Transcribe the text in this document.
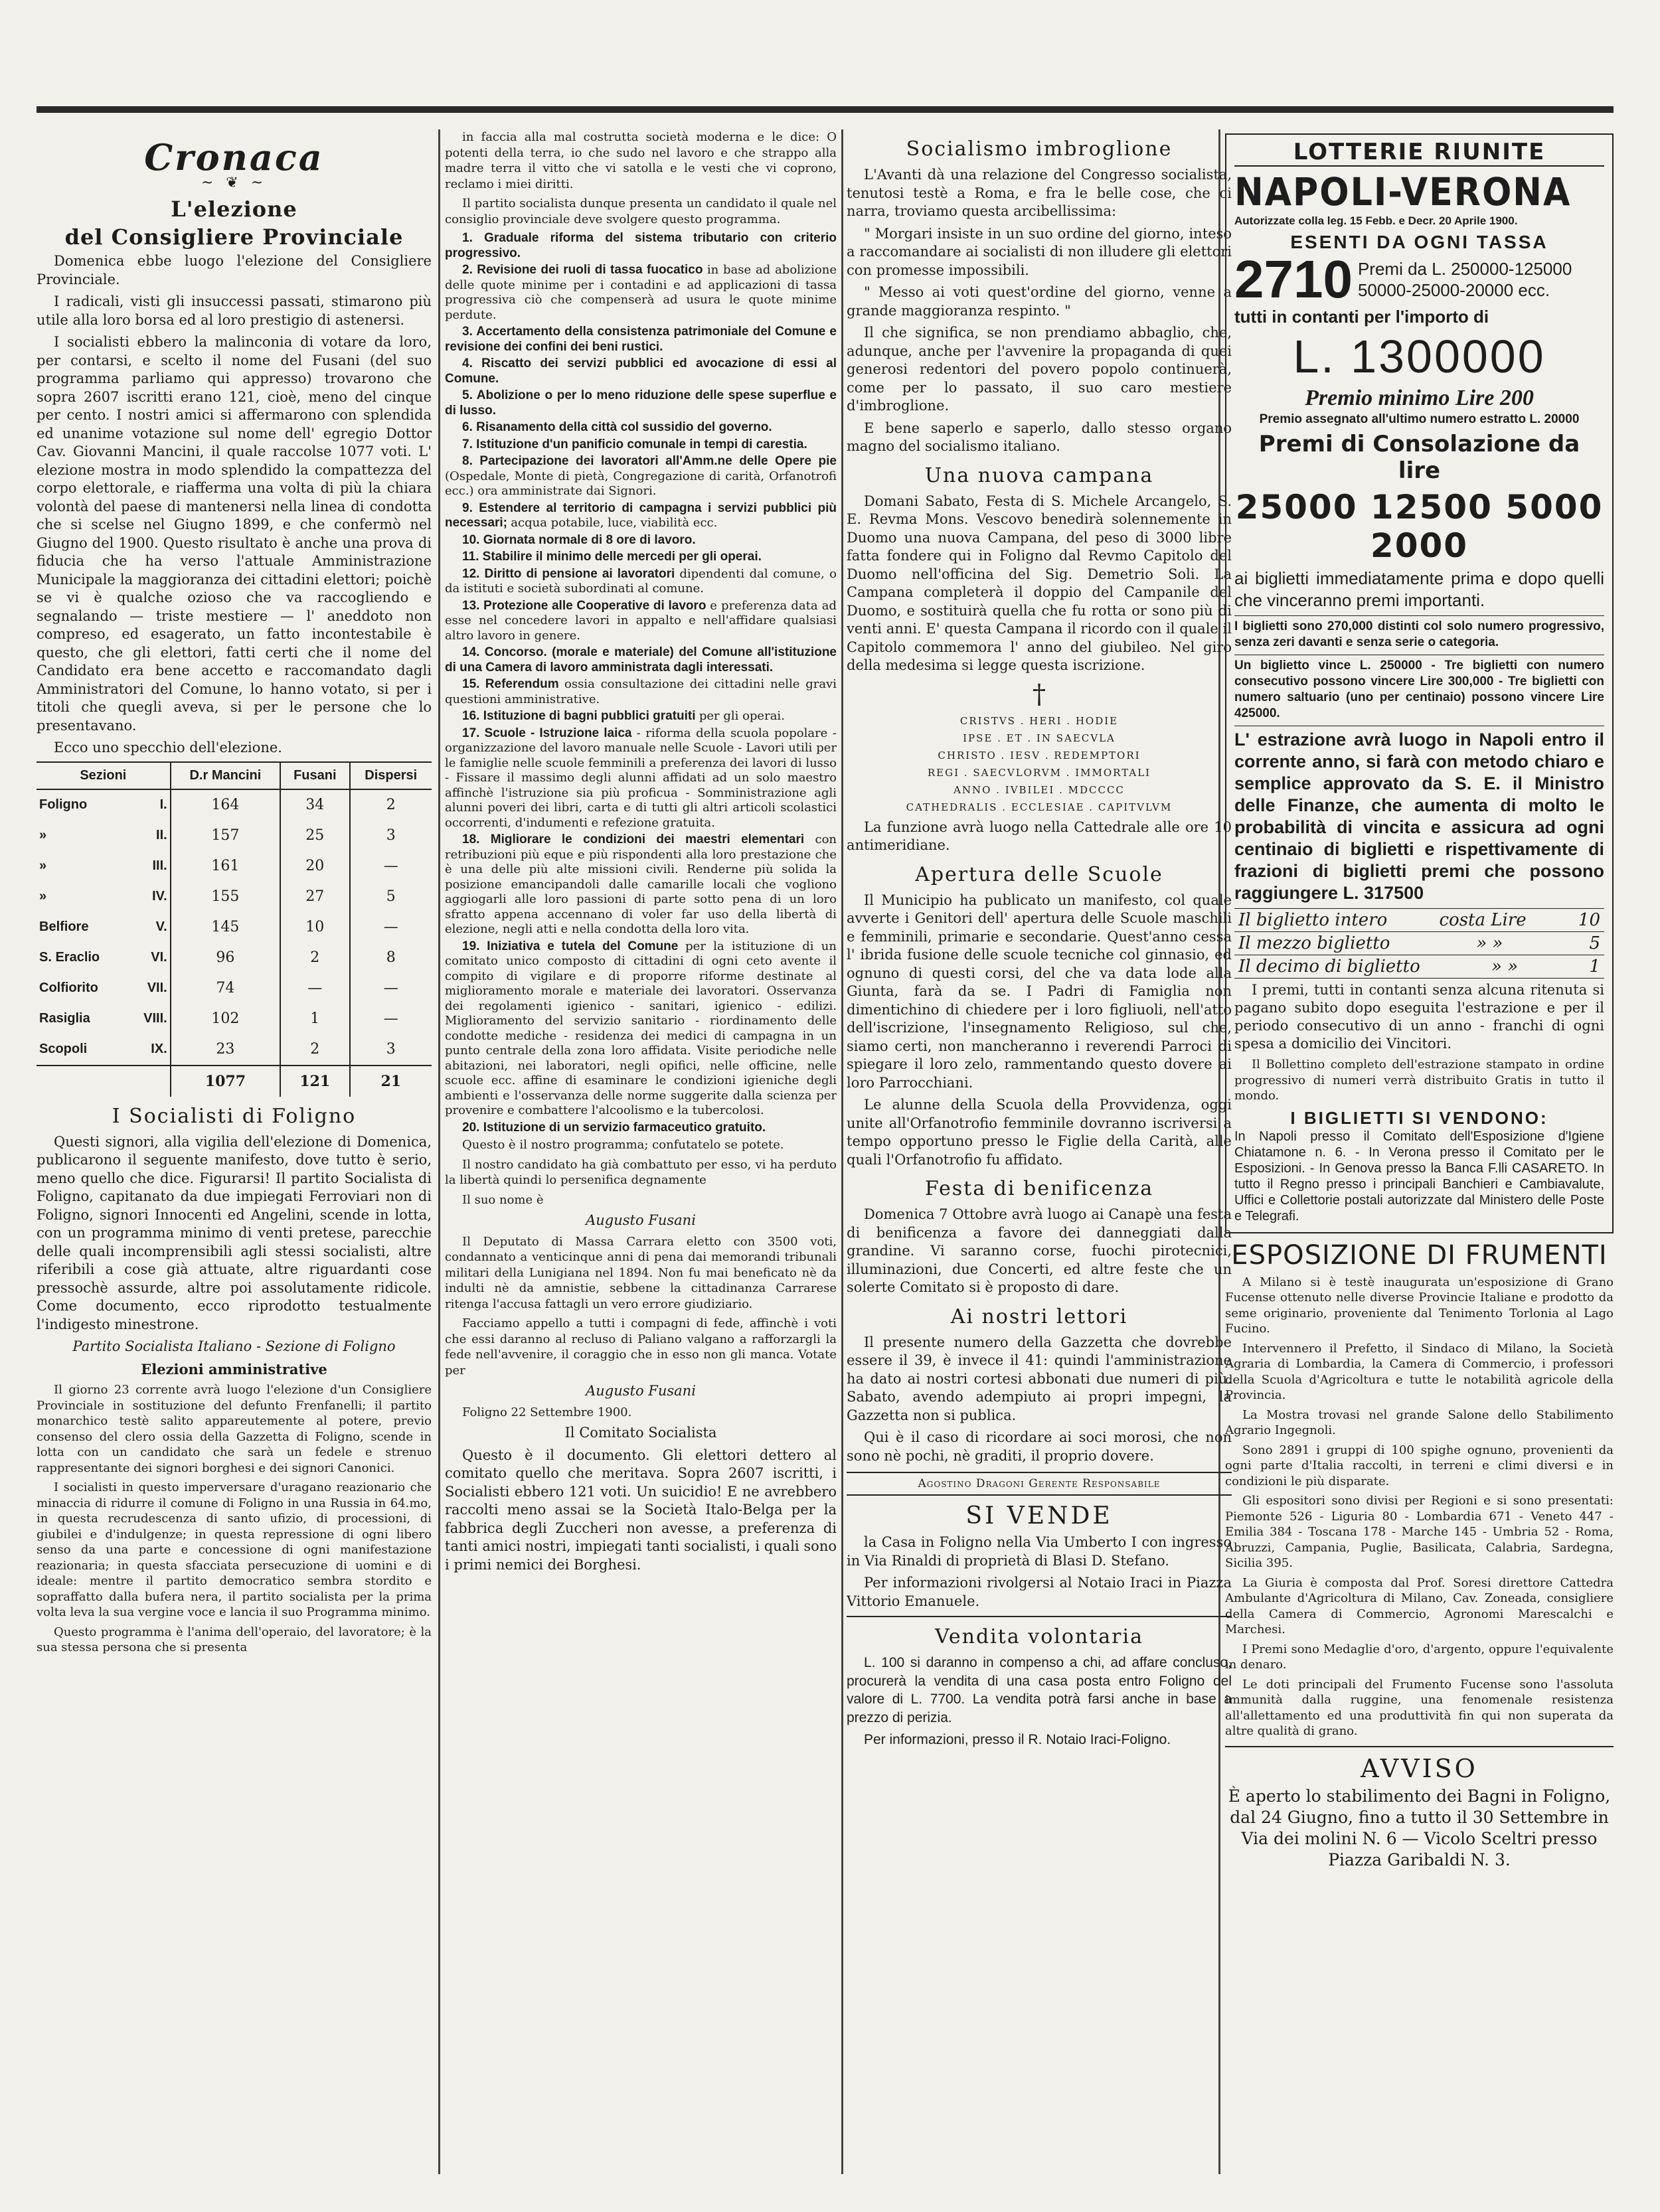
Cronaca
~ ❦ ~
L'elezione
del Consigliere Provinciale

Domenica ebbe luogo l'elezione del Consigliere Provinciale.

I radicali, visti gli insuccessi passati, stimarono più utile alla loro borsa ed al loro prestigio di astenersi.

I socialisti ebbero la malinconia di votare da loro, per contarsi, e scelto il nome del Fusani (del suo programma parliamo qui appresso) trovarono che sopra 2607 iscritti erano 121, cioè, meno del cinque per cento. I nostri amici si affermarono con splendida ed unanime votazione sul nome dell' egregio Dottor Cav. Giovanni Mancini, il quale raccolse 1077 voti. L' elezione mostra in modo splendido la compattezza del corpo elettorale, e riafferma una volta di più la chiara volontà del paese di mantenersi nella linea di condotta che si scelse nel Giugno 1899, e che confermò nel Giugno del 1900. Questo risultato è anche una prova di fiducia che ha verso l'attuale Amministrazione Municipale la maggioranza dei cittadini elettori; poichè se vi è qualche ozioso che va raccogliendo e segnalando — triste mestiere — l' aneddoto non compreso, ed esagerato, un fatto incontestabile è questo, che gli elettori, fatti certi che il nome del Candidato era bene accetto e raccomandato dagli Amministratori del Comune, lo hanno votato, si per i titoli che quegli aveva, si per le persone che lo presentavano.

Ecco uno specchio dell'elezione.

Sezioni		D.r Mancini	Fusani	Dispersi
Foligno	I.	164	34	2
»	II.	157	25	3
»	III.	161	20	—
»	IV.	155	27	5
Belfiore	V.	145	10	—
S. Eraclio	VI.	96	2	8
Colfiorito	VII.	74	—	—
Rasiglia	VIII.	102	1	—
Scopoli	IX.	23	2	3
		1077	121	21
I Socialisti di Foligno

Questi signori, alla vigilia dell'elezione di Domenica, publicarono il seguente manifesto, dove tutto è serio, meno quello che dice. Figurarsi! Il partito Socialista di Foligno, capitanato da due impiegati Ferroviari non di Foligno, signori Innocenti ed Angelini, scende in lotta, con un programma minimo di venti pretese, parecchie delle quali incomprensibili agli stessi socialisti, altre riferibili a cose già attuate, altre riguardanti cose pressochè assurde, altre poi assolutamente ridicole. Come documento, ecco riprodotto testualmente l'indigesto minestrone.

Partito Socialista Italiano - Sezione di Foligno

Elezioni amministrative

Il giorno 23 corrente avrà luogo l'elezione d'un Consigliere Provinciale in sostituzione del defunto Frenfanelli; il partito monarchico testè salito appareutemente al potere, previo consenso del clero ossia della Gazzetta di Foligno, scende in lotta con un candidato che sarà un fedele e strenuo rappresentante dei signori borghesi e dei signori Canonici.

I socialisti in questo imperversare d'uragano reazionario che minaccia di ridurre il comune di Foligno in una Russia in 64.mo, in questa recrudescenza di santo ufizio, di processioni, di giubilei e d'indulgenze; in questa repressione di ogni libero senso da una parte e concessione di ogni manifestazione reazionaria; in questa sfacciata persecuzione di uomini e di ideale: mentre il partito democratico sembra stordito e sopraffatto dalla bufera nera, il partito socialista per la prima volta leva la sua vergine voce e lancia il suo Programma minimo.

Questo programma è l'anima dell'operaio, del lavoratore; è la sua stessa persona che si presenta

in faccia alla mal costrutta società moderna e le dice: O potenti della terra, io che sudo nel lavoro e che strappo alla madre terra il vitto che vi satolla e le vesti che vi coprono, reclamo i miei diritti.

Il partito socialista dunque presenta un candidato il quale nel consiglio provinciale deve svolgere questo programma.

1. Graduale riforma del sistema tributario con criterio progressivo.

2. Revisione dei ruoli di tassa fuocatico in base ad abolizione delle quote minime per i contadini e ad applicazioni di tassa progressiva ciò che compenserà ad usura le quote minime perdute.

3. Accertamento della consistenza patrimoniale del Comune e revisione dei confini dei beni rustici.

4. Riscatto dei servizi pubblici ed avocazione di essi al Comune.

5. Abolizione o per lo meno riduzione delle spese superflue e di lusso.

6. Risanamento della città col sussidio del governo.

7. Istituzione d'un panificio comunale in tempi di carestia.

8. Partecipazione dei lavoratori all'Amm.ne delle Opere pie (Ospedale, Monte di pietà, Congregazione di carità, Orfanotrofi ecc.) ora amministrate dai Signori.

9. Estendere al territorio di campagna i servizi pubblici più necessari; acqua potabile, luce, viabilità ecc.

10. Giornata normale di 8 ore di lavoro.

11. Stabilire il minimo delle mercedi per gli operai.

12. Diritto di pensione ai lavoratori dipendenti dal comune, o da istituti e società subordinati al comune.

13. Protezione alle Cooperative di lavoro e preferenza data ad esse nel concedere lavori in appalto e nell'affidare qualsiasi altro lavoro in genere.

14. Concorso. (morale e materiale) del Comune all'istituzione di una Camera di lavoro amministrata dagli interessati.

15. Referendum ossia consultazione dei cittadini nelle gravi questioni amministrative.

16. Istituzione di bagni pubblici gratuiti per gli operai.

17. Scuole - Istruzione laica - riforma della scuola popolare - organizzazione del lavoro manuale nelle Scuole - Lavori utili per le famiglie nelle scuole femminili a preferenza dei lavori di lusso - Fissare il massimo degli alunni affidati ad un solo maestro affinchè l'istruzione sia più proficua - Somministrazione agli alunni poveri dei libri, carta e di tutti gli altri articoli scolastici occorrenti, d'indumenti e refezione gratuita.

18. Migliorare le condizioni dei maestri elementari con retribuzioni più eque e più rispondenti alla loro prestazione che è una delle più alte missioni civili. Renderne più solida la posizione emancipandoli dalle camarille locali che vogliono aggiogarli alle loro passioni di parte sotto pena di un loro sfratto appena accennano di voler far uso della libertà di elezione, negli atti e nella condotta della loro vita.

19. Iniziativa e tutela del Comune per la istituzione di un comitato unico composto di cittadini di ogni ceto avente il compito di vigilare e di proporre riforme destinate al miglioramento morale e materiale dei lavoratori. Osservanza dei regolamenti igienico - sanitari, igienico - edilizi. Miglioramento del servizio sanitario - riordinamento delle condotte mediche - residenza dei medici di campagna in un punto centrale della zona loro affidata. Visite periodiche nelle abitazioni, nei laboratori, negli opifici, nelle officine, nelle scuole ecc. affine di esaminare le condizioni igieniche degli ambienti e l'osservanza delle norme suggerite dalla scienza per provenire e combattere l'alcoolismo e la tubercolosi.

20. Istituzione di un servizio farmaceutico gratuito.

Questo è il nostro programma; confutatelo se potete.

Il nostro candidato ha già combattuto per esso, vi ha perduto la libertà quindi lo persenifica degnamente

Il suo nome è

Augusto Fusani

Il Deputato di Massa Carrara eletto con 3500 voti, condannato a venticinque anni di pena dai memorandi tribunali militari della Lunigiana nel 1894. Non fu mai beneficato nè da indulti nè da amnistie, sebbene la cittadinanza Carrarese ritenga l'accusa fattagli un vero errore giudiziario.

Facciamo appello a tutti i compagni di fede, affinchè i voti che essi daranno al recluso di Paliano valgano a rafforzargli la fede nell'avvenire, il coraggio che in esso non gli manca. Votate per

Augusto Fusani

Foligno 22 Settembre 1900.

Il Comitato Socialista

Questo è il documento. Gli elettori dettero al comitato quello che meritava. Sopra 2607 iscritti, i Socialisti ebbero 121 voti. Un suicidio! E ne avrebbero raccolti meno assai se la Società Italo-Belga per la fabbrica degli Zuccheri non avesse, a preferenza di tanti amici nostri, impiegati tanti socialisti, i quali sono i primi nemici dei Borghesi.

Socialismo imbroglione

L'Avanti dà una relazione del Congresso socialista, tenutosi testè a Roma, e fra le belle cose, che ci narra, troviamo questa arcibellissima:

" Morgari insiste in un suo ordine del giorno, inteso a raccomandare ai socialisti di non illudere gli elettori con promesse impossibili.

" Messo ai voti quest'ordine del giorno, venne a grande maggioranza respinto. "

Il che significa, se non prendiamo abbaglio, che, adunque, anche per l'avvenire la propaganda di quei generosi redentori del povero popolo continuerà, come per lo passato, il suo caro mestiere d'imbroglione.

E bene saperlo e saperlo, dallo stesso organo magno del socialismo italiano.

Una nuova campana

Domani Sabato, Festa di S. Michele Arcangelo, S. E. Revma Mons. Vescovo benedirà solennemente in Duomo una nuova Campana, del peso di 3000 libre fatta fondere qui in Foligno dal Revmo Capitolo del Duomo nell'officina del Sig. Demetrio Soli. La Campana completerà il doppio del Campanile del Duomo, e sostituirà quella che fu rotta or sono più di venti anni. E' questa Campana il ricordo con il quale il Capitolo commemora l' anno del giubileo. Nel giro della medesima si legge questa iscrizione.

†
CRISTVS . HERI . HODIE
IPSE . ET . IN SAECVLA
CHRISTO . IESV . REDEMPTORI
REGI . SAECVLORVM . IMMORTALI
ANNO . IVBILEI . MDCCCC
CATHEDRALIS . ECCLESIAE . CAPITVLVM

La funzione avrà luogo nella Cattedrale alle ore 10 antimeridiane.

Apertura delle Scuole

Il Municipio ha publicato un manifesto, col quale avverte i Genitori dell' apertura delle Scuole maschili e femminili, primarie e secondarie. Quest'anno cessa l' ibrida fusione delle scuole tecniche col ginnasio, ed ognuno di questi corsi, del che va data lode alla Giunta, farà da se. I Padri di Famiglia non dimentichino di chiedere per i loro figliuoli, nell'atto dell'iscrizione, l'insegnamento Religioso, sul che, siamo certi, non mancheranno i reverendi Parroci di spiegare il loro zelo, rammentando questo dovere ai loro Parrocchiani.

Le alunne della Scuola della Provvidenza, oggi unite all'Orfanotrofio femminile dovranno iscriversi a tempo opportuno presso le Figlie della Carità, alle quali l'Orfanotrofio fu affidato.

Festa di benificenza

Domenica 7 Ottobre avrà luogo ai Canapè una festa di benificenza a favore dei danneggiati dalla grandine. Vi saranno corse, fuochi pirotecnici, illuminazioni, due Concerti, ed altre feste che un solerte Comitato si è proposto di dare.

Ai nostri lettori

Il presente numero della Gazzetta che dovrebbe essere il 39, è invece il 41: quindi l'amministrazione ha dato ai nostri cortesi abbonati due numeri di più. Sabato, avendo adempiuto ai propri impegni, la Gazzetta non si publica.

Qui è il caso di ricordare ai soci morosi, che non sono nè pochi, nè graditi, il proprio dovere.

Agostino Dragoni Gerente Responsabile
SI VENDE

la Casa in Foligno nella Via Umberto I con ingresso in Via Rinaldi di proprietà di Blasi D. Stefano.

Per informazioni rivolgersi al Notaio Iraci in Piazza Vittorio Emanuele.

Vendita volontaria

L. 100 si daranno in compenso a chi, ad affare concluso, procurerà la vendita di una casa posta entro Foligno del valore di L. 7700. La vendita potrà farsi anche in base a prezzo di perizia.

Per informazioni, presso il R. Notaio Iraci-Foligno.

LOTTERIE RIUNITE
NAPOLI-VERONA
Autorizzate colla leg. 15 Febb. e Decr. 20 Aprile 1900.
ESENTI DA OGNI TASSA
2710 Premi da L. 250000-125000
50000-25000-20000 ecc.
tutti in contanti per l'importo di
L. 1300000
Premio minimo Lire 200
Premio assegnato all'ultimo numero estratto L. 20000
Premi di Consolazione da lire
25000 12500 5000 2000

ai biglietti immediatamente prima e dopo quelli che vinceranno premi importanti.

I biglietti sono 270,000 distinti col solo numero progressivo, senza zeri davanti e senza serie o categoria.

Un biglietto vince L. 250000 - Tre biglietti con numero consecutivo possono vincere Lire 300,000 - Tre biglietti con numero saltuario (uno per centinaio) possono vincere Lire 425000.

L' estrazione avrà luogo in Napoli entro il corrente anno, si farà con metodo chiaro e semplice approvato da S. E. il Ministro delle Finanze, che aumenta di molto le probabilità di vincita e assicura ad ogni centinaio di biglietti e rispettivamente di frazioni di biglietti premi che possono raggiungere L. 317500

Il biglietto intero	costa Lire	10
Il mezzo biglietto	» »	5
Il decimo di biglietto	» »	1

I premi, tutti in contanti senza alcuna ritenuta si pagano subito dopo eseguita l'estrazione e per il periodo consecutivo di un anno - franchi di ogni spesa a domicilio dei Vincitori.

Il Bollettino completo dell'estrazione stampato in ordine progressivo di numeri verrà distribuito Gratis in tutto il mondo.

I BIGLIETTI SI VENDONO:

In Napoli presso il Comitato dell'Esposizione d'Igiene Chiatamone n. 6. - In Verona presso il Comitato per le Esposizioni. - In Genova presso la Banca F.lli CASARETO. In tutto il Regno presso i principali Banchieri e Cambiavalute, Uffici e Collettorie postali autorizzate dal Ministero delle Poste e Telegrafi.

ESPOSIZIONE DI FRUMENTI

A Milano si è testè inaugurata un'esposizione di Grano Fucense ottenuto nelle diverse Provincie Italiane e prodotto da seme originario, proveniente dal Tenimento Torlonia al Lago Fucino.

Intervennero il Prefetto, il Sindaco di Milano, la Società Agraria di Lombardia, la Camera di Commercio, i professori della Scuola d'Agricoltura e tutte le notabilità agricole della Provincia.

La Mostra trovasi nel grande Salone dello Stabilimento Agrario Ingegnoli.

Sono 2891 i gruppi di 100 spighe ognuno, provenienti da ogni parte d'Italia raccolti, in terreni e climi diversi e in condizioni le più disparate.

Gli espositori sono divisi per Regioni e si sono presentati: Piemonte 526 - Liguria 80 - Lombardia 671 - Veneto 447 - Emilia 384 - Toscana 178 - Marche 145 - Umbria 52 - Roma, Abruzzi, Campania, Puglie, Basilicata, Calabria, Sardegna, Sicilia 395.

La Giuria è composta dal Prof. Soresi direttore Cattedra Ambulante d'Agricoltura di Milano, Cav. Zoneada, consigliere della Camera di Commercio, Agronomi Marescalchi e Marchesi.

I Premi sono Medaglie d'oro, d'argento, oppure l'equivalente in denaro.

Le doti principali del Frumento Fucense sono l'assoluta immunità dalla ruggine, una fenomenale resistenza all'allettamento ed una produttività fin qui non superata da altre qualità di grano.

AVVISO

È aperto lo stabilimento dei Bagni in Foligno, dal 24 Giugno, fino a tutto il 30 Settembre in Via dei molini N. 6 — Vicolo Sceltri presso Piazza Garibaldi N. 3.
